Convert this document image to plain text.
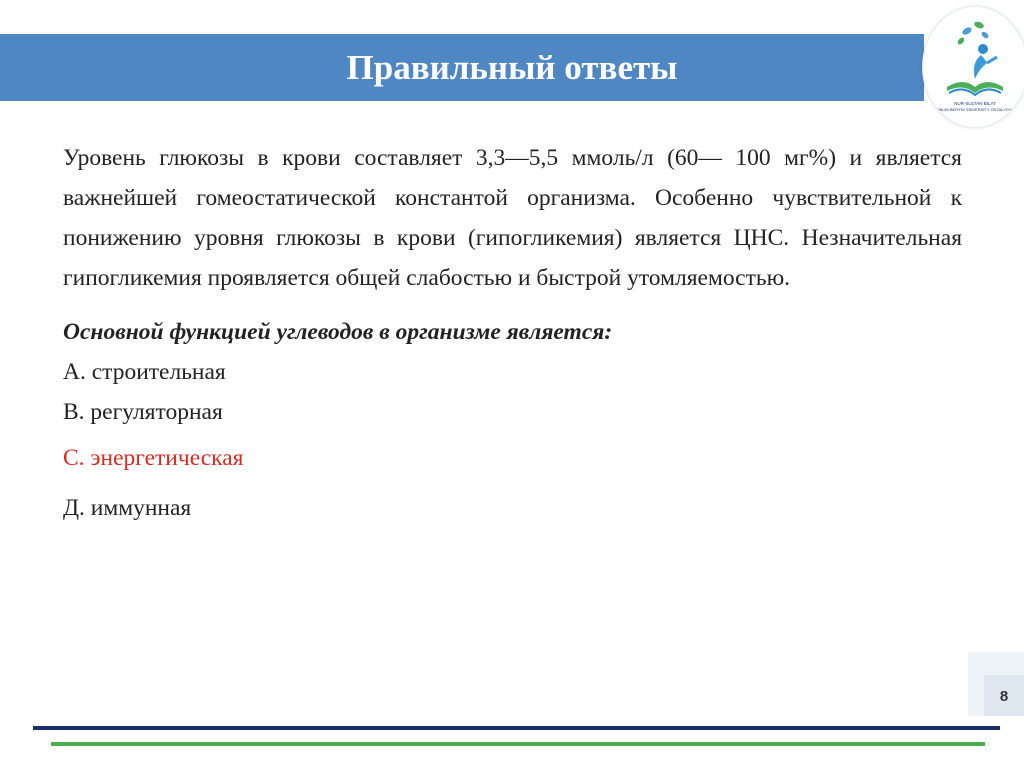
Правильный ответы
NUR-SULTAN BILAT
BILIM BERÝDI ÝNIVERSITY OSTALYGY

Уровень глюкозы в крови составляет 3,3—5,5 ммоль/л (60— 100 мг%) и является важнейшей гомеостатической константой организма. Особенно чувствительной к понижению уровня глюкозы в крови (гипогликемия) является ЦНС. Незначительная гипогликемия проявляется общей слабостью и быстрой утомляемостью.

Основной функцией углеводов в организме является:

А. строительная

В. регуляторная

С. энергетическая

Д. иммунная

8
